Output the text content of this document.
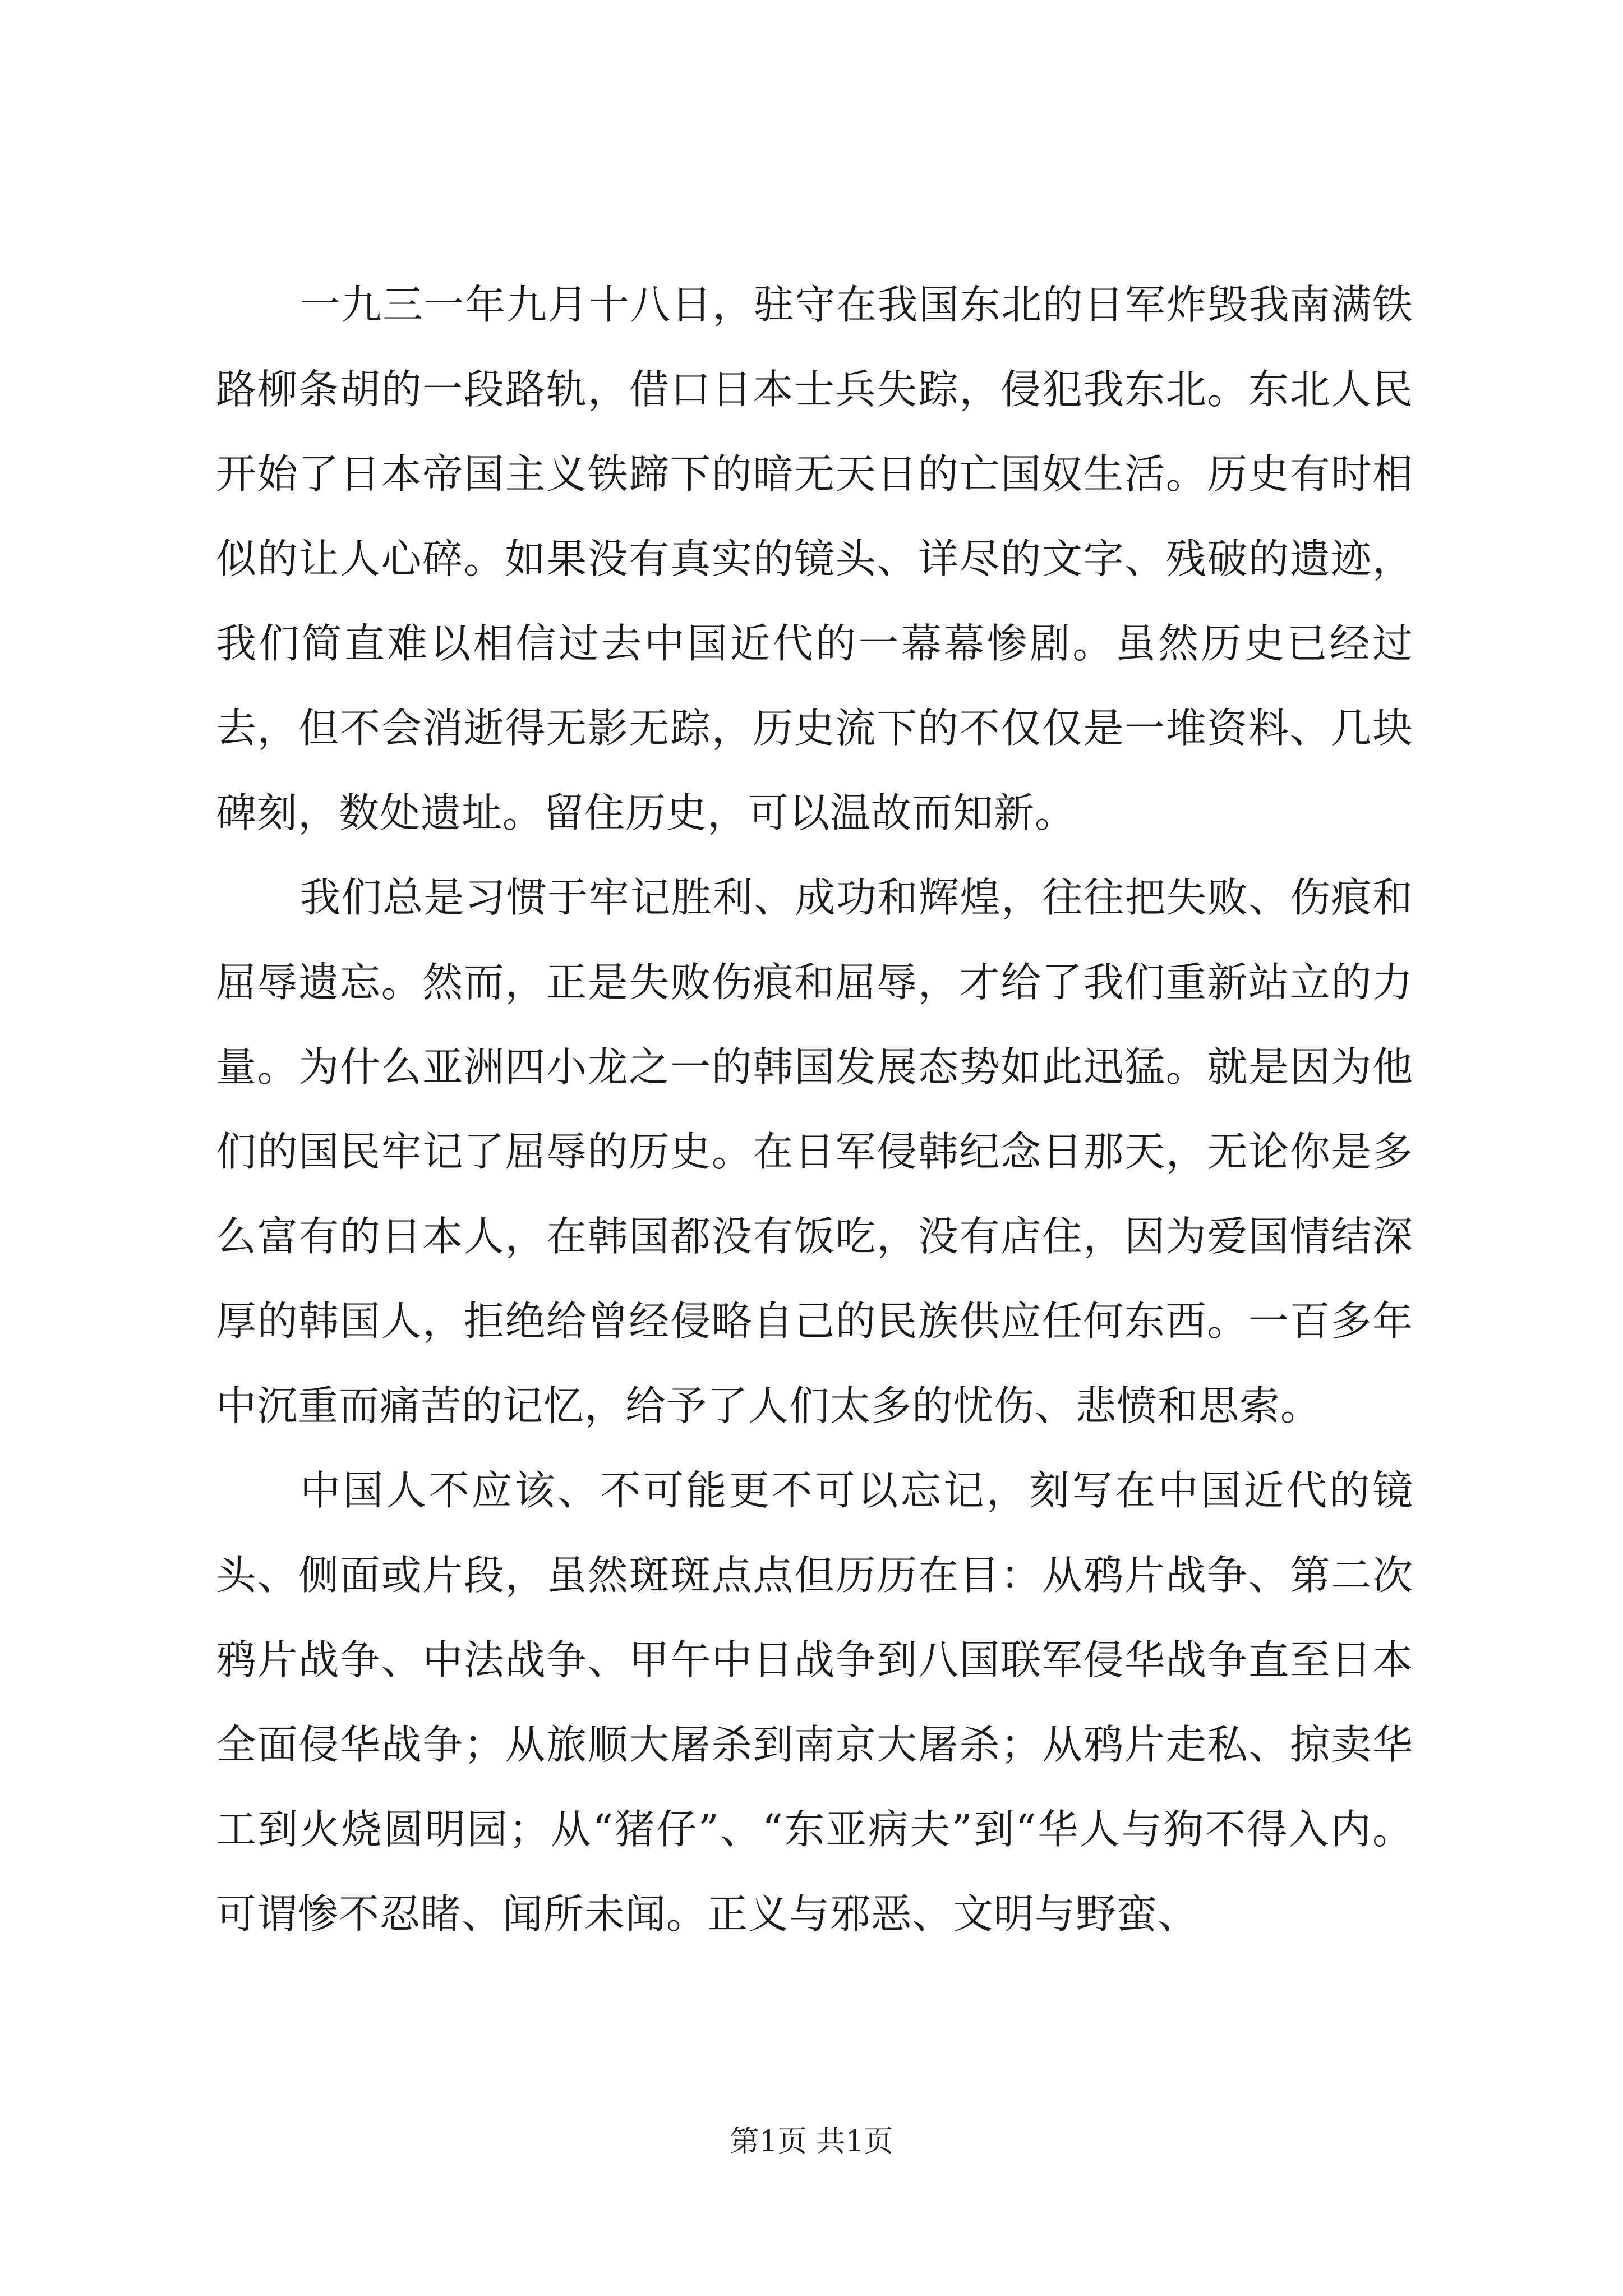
一九三一年九月十八日，驻守在我国东北的日军炸毁我南满铁路柳条胡的一段路轨，借口日本士兵失踪，侵犯我东北。东北人民开始了日本帝国主义铁蹄下的暗无天日的亡国奴生活。历史有时相似的让人心碎。如果没有真实的镜头、详尽的文字、残破的遗迹，我们简直难以相信过去中国近代的一幕幕惨剧。虽然历史已经过去，但不会消逝得无影无踪，历史流下的不仅仅是一堆资料、几块碑刻，数处遗址。留住历史，可以温故而知新。

我们总是习惯于牢记胜利、成功和辉煌，往往把失败、伤痕和屈辱遗忘。然而，正是失败伤痕和屈辱，才给了我们重新站立的力量。为什么亚洲四小龙之一的韩国发展态势如此迅猛。就是因为他们的国民牢记了屈辱的历史。在日军侵韩纪念日那天，无论你是多么富有的日本人，在韩国都没有饭吃，没有店住，因为爱国情结深厚的韩国人，拒绝给曾经侵略自己的民族供应任何东西。一百多年中沉重而痛苦的记忆，给予了人们太多的忧伤、悲愤和思索。

中国人不应该、不可能更不可以忘记，刻写在中国近代的镜头、侧面或片段，虽然斑斑点点但历历在目：从鸦片战争、第二次鸦片战争、中法战争、甲午中日战争到八国联军侵华战争直至日本全面侵华战争；从旅顺大屠杀到南京大屠杀；从鸦片走私、掠卖华工到火烧圆明园；从“猪仔”、“东亚病夫”到“华人与狗不得入内。可谓惨不忍睹、闻所未闻。正义与邪恶、文明与野蛮、

第1页 共1页
